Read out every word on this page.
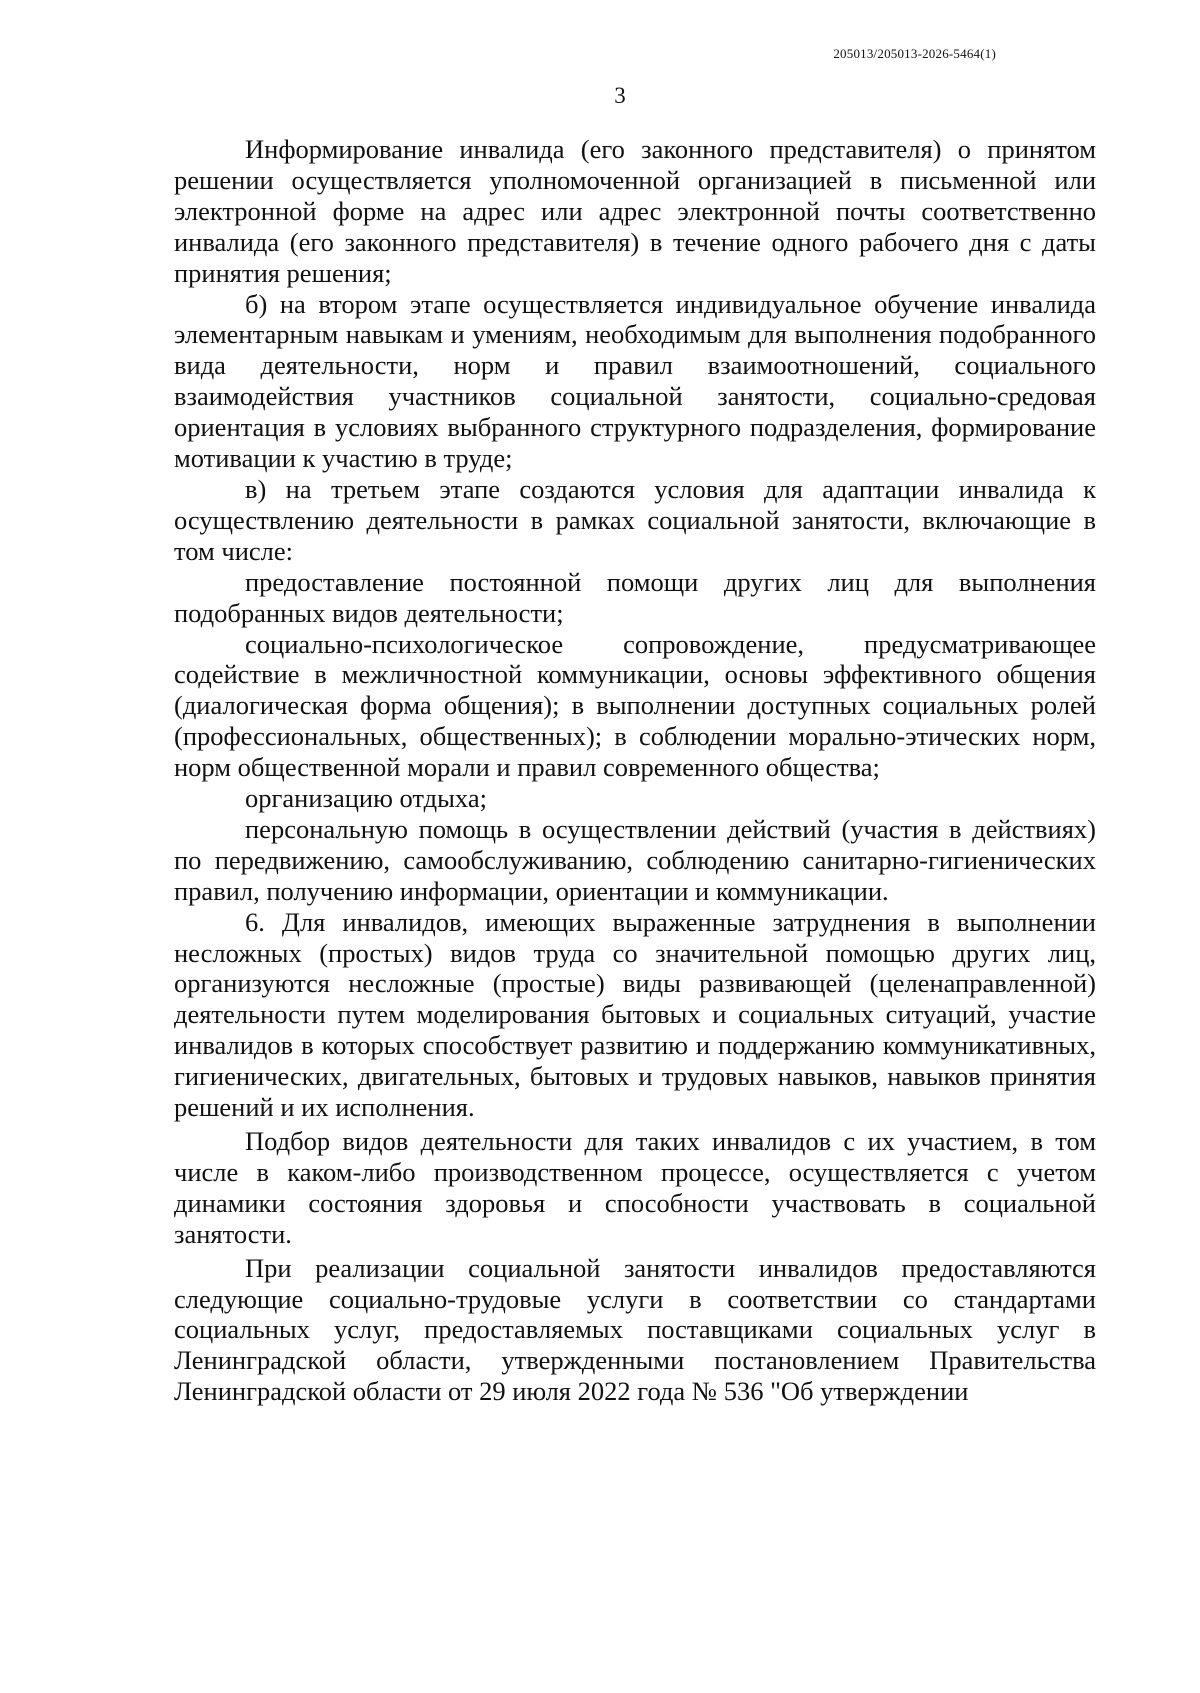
205013/205013-2026-5464(1)
3

Информирование инвалида (его законного представителя) о принятом решении осуществляется уполномоченной организацией в письменной или электронной форме на адрес или адрес электронной почты соответственно инвалида (его законного представителя) в течение одного рабочего дня с даты принятия решения;

б) на втором этапе осуществляется индивидуальное обучение инвалида элементарным навыкам и умениям, необходимым для выполнения подобранного вида деятельности, норм и правил взаимоотношений, социального взаимодействия участников социальной занятости, социально-средовая ориентация в условиях выбранного структурного подразделения, формирование мотивации к участию в труде;

в) на третьем этапе создаются условия для адаптации инвалида к осуществлению деятельности в рамках социальной занятости, включающие в том числе:

предоставление постоянной помощи других лиц для выполнения подобранных видов деятельности;

социально-психологическое сопровождение, предусматривающее содействие в межличностной коммуникации, основы эффективного общения (диалогическая форма общения); в выполнении доступных социальных ролей (профессиональных, общественных); в соблюдении морально-этических норм, норм общественной морали и правил современного общества;

организацию отдыха;

персональную помощь в осуществлении действий (участия в действиях) по передвижению, самообслуживанию, соблюдению санитарно-гигиенических правил, получению информации, ориентации и коммуникации.

6. Для инвалидов, имеющих выраженные затруднения в выполнении несложных (простых) видов труда со значительной помощью других лиц, организуются несложные (простые) виды развивающей (целенаправленной) деятельности путем моделирования бытовых и социальных ситуаций, участие инвалидов в которых способствует развитию и поддержанию коммуникативных, гигиенических, двигательных, бытовых и трудовых навыков, навыков принятия решений и их исполнения.

Подбор видов деятельности для таких инвалидов с их участием, в том числе в каком-либо производственном процессе, осуществляется с учетом динамики состояния здоровья и способности участвовать в социальной занятости.

При реализации социальной занятости инвалидов предоставляются следующие социально-трудовые услуги в соответствии со стандартами социальных услуг, предоставляемых поставщиками социальных услуг в Ленинградской области, утвержденными постановлением Правительства Ленинградской области от 29 июля 2022 года № 536 "Об утверждении
